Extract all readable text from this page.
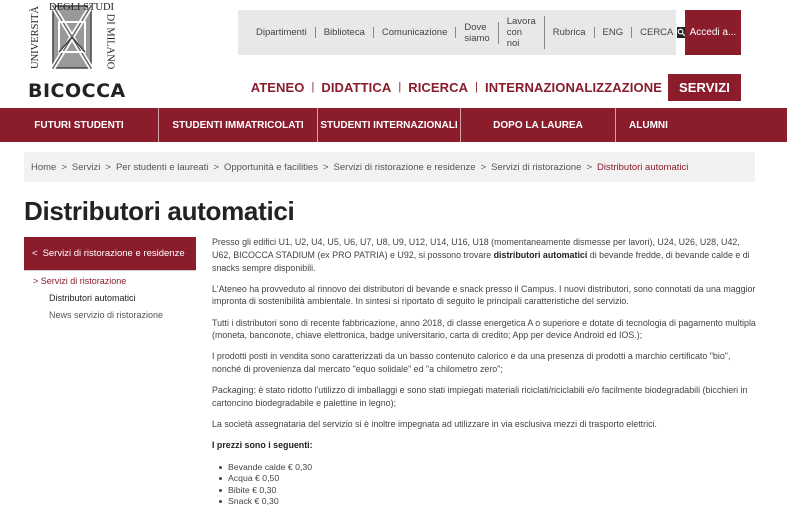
UNIVERSITÀ DEGLI STUDI
DI MILANO
BICOCCA
Dipartimenti	Biblioteca	Comunicazione	Dove siamo
Lavora con noi
Rubrica	ENG	CERCA	Accedi a...
ATENEO | DIDATTICA | RICERCA | INTERNAZIONALIZZAZIONE	SERVIZI
FUTURI STUDENTI	STUDENTI IMMATRICOLATI	STUDENTI INTERNAZIONALI	DOPO LA LAUREA	ALUMNI
Home > Servizi > Per studenti e laureati > Opportunità e facilities > Servizi di ristorazione e residenze > Servizi di ristorazione > Distributori automatici
Distributori automatici
< Servizi di ristorazione e residenze
> Servizi di ristorazione
Distributori automatici
News servizio di ristorazione

Presso gli edifici U1, U2, U4, U5, U6, U7, U8, U9, U12, U14, U16, U18 (momentaneamente dismesse per lavori), U24, U26, U28, U42, U62, BICOCCA STADIUM (ex PRO PATRIA) e U92, si possono trovare distributori automatici di bevande fredde, di bevande calde e di snacks sempre disponibili.

L'Ateneo ha provveduto al rinnovo dei distributori di bevande e snack presso il Campus. I nuovi distributori, sono connotati da una maggior impronta di sostenibilità ambientale. In sintesi si riportato di seguito le principali caratteristiche del servizio.

Tutti i distributori sono di recente fabbricazione, anno 2018, di classe energetica A o superiore e dotate di tecnologia di pagamento multipla (moneta, banconote, chiave elettronica, badge universitario, carta di credito; App per device Android ed IOS.);

I prodotti posti in vendita sono caratterizzati da un basso contenuto calorico e da una presenza di prodotti a marchio certificato "bio", nonché di provenienza dal mercato "equo solidale" ed "a chilometro zero";

Packaging: è stato ridotto l'utilizzo di imballaggi e sono stati impiegati materiali riciclati/riciclabili e/o facilmente biodegradabili (bicchieri in cartoncino biodegradabile e palettine in legno);

La società assegnataria del servizio si è inoltre impegnata ad utilizzare in via esclusiva mezzi di trasporto elettrici.

I prezzi sono i seguenti:
Bevande calde € 0,30
Acqua € 0,50
Bibite € 0,30
Snack € 0,30
